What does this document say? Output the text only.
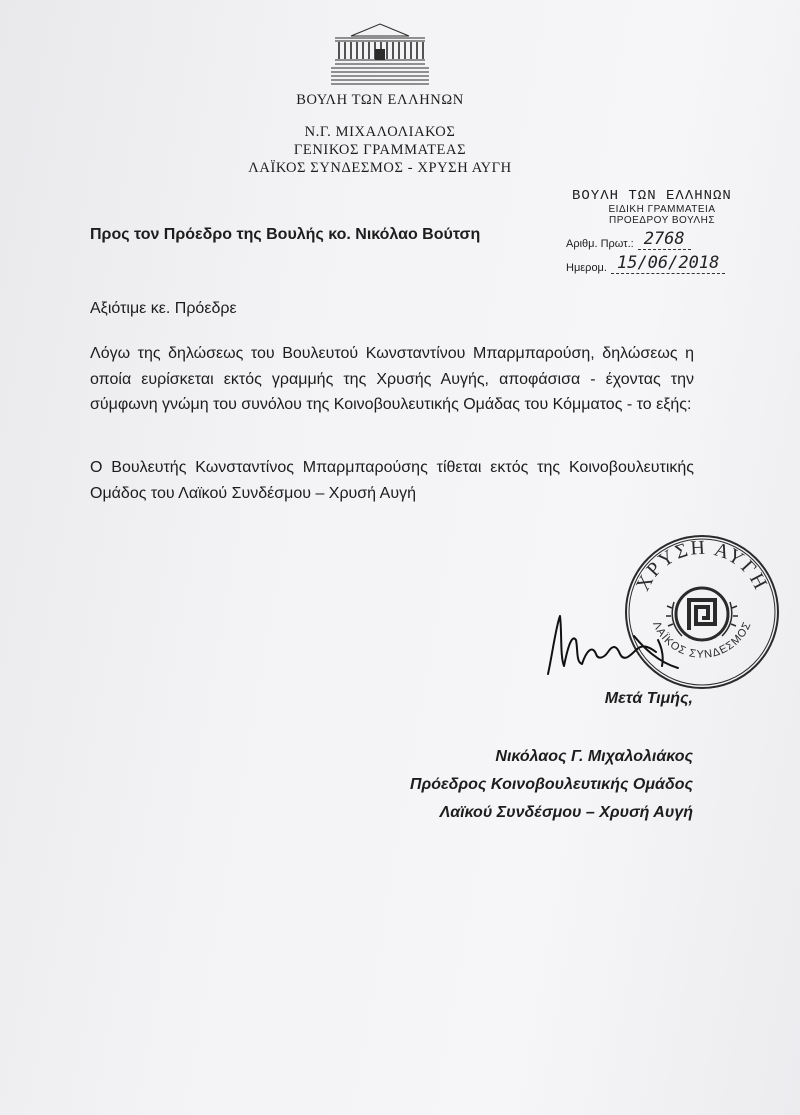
ΒΟΥΛΗ ΤΩΝ ΕΛΛΗΝΩΝ
Ν.Γ. ΜΙΧΑΛΟΛΙΑΚΟΣ
ΓΕΝΙΚΟΣ ΓΡΑΜΜΑΤΕΑΣ
ΛΑΪΚΟΣ ΣΥΝΔΕΣΜΟΣ - ΧΡΥΣΗ ΑΥΓΗ
ΒΟΥΛΗ ΤΩΝ ΕΛΛΗΝΩΝ
ΕΙΔΙΚΗ ΓΡΑΜΜΑΤΕΙΑ ΠΡΟΕΔΡΟΥ ΒΟΥΛΗΣ
Αριθμ. Πρωτ.: 2768
Ημερομ. 15/06/2018
Προς τον Πρόεδρο της Βουλής κο. Νικόλαο Βούτση
Αξιότιμε κε. Πρόεδρε
Λόγω της δηλώσεως του Βουλευτού Κωνσταντίνου Μπαρμπαρούση, δηλώσεως η οποία ευρίσκεται εκτός γραμμής της Χρυσής Αυγής, αποφάσισα - έχοντας την σύμφωνη γνώμη του συνόλου της Κοινοβουλευτικής Ομάδας του Κόμματος - το εξής:
Ο Βουλευτής Κωνσταντίνος Μπαρμπαρούσης τίθεται εκτός της Κοινοβουλευτικής Ομάδος του Λαϊκού Συνδέσμου – Χρυσή Αυγή
ΧΡΥΣΗ ΑΥΓΗ
ΛΑΪΚΟΣ ΣΥΝΔΕΣΜΟΣ
Μετά Τιμής,
Νικόλαος Γ. Μιχαλολιάκος
Πρόεδρος Κοινοβουλευτικής Ομάδος
Λαϊκού Συνδέσμου – Χρυσή Αυγή
